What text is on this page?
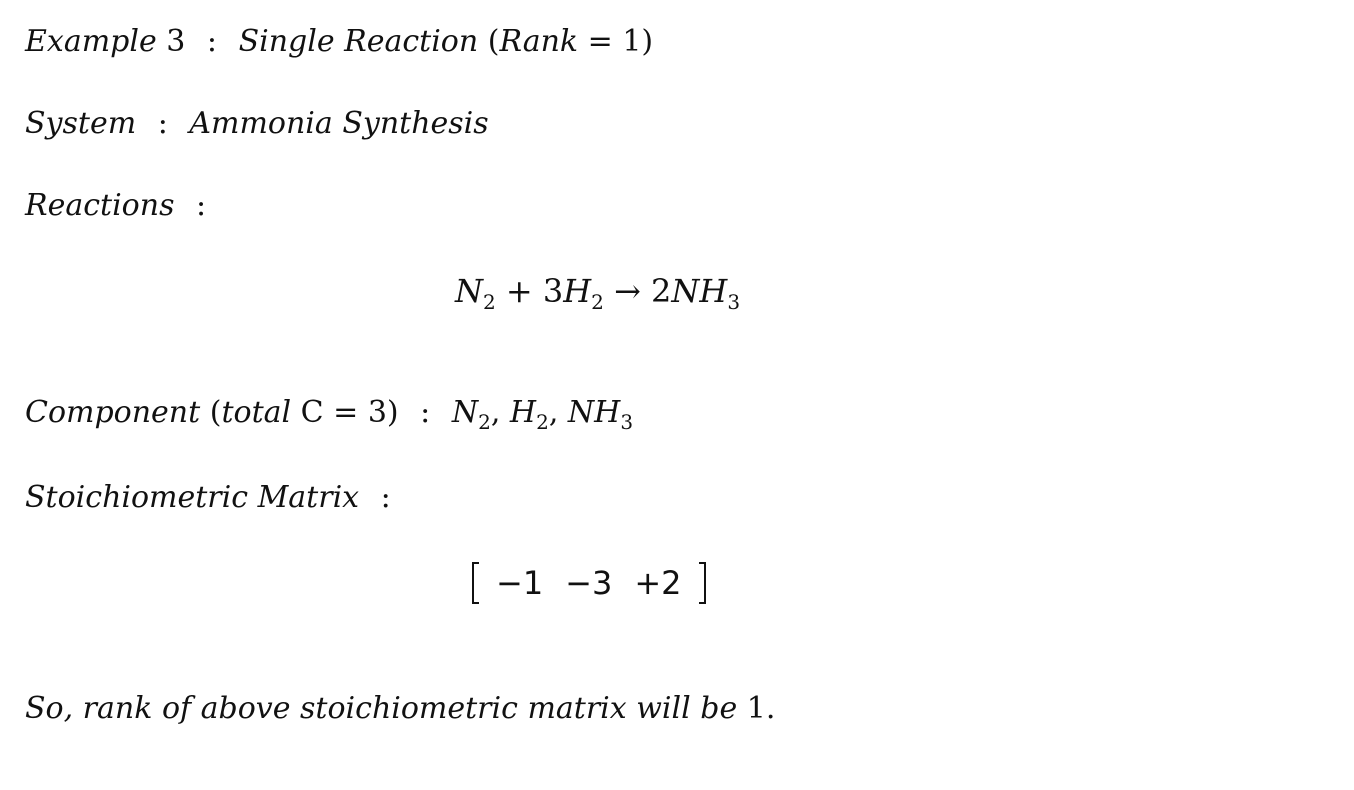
Example 3 : Single Reaction (Rank = 1)
System : Ammonia Synthesis
Reactions :
$N_2 + 3H_2 \to 2NH_3$
Component (total C = 3) : $N_2$, $H_2$, $NH_3$
Stoichiometric Matrix :
−1 −3 +2
So, rank of above stoichiometric matrix will be 1.
